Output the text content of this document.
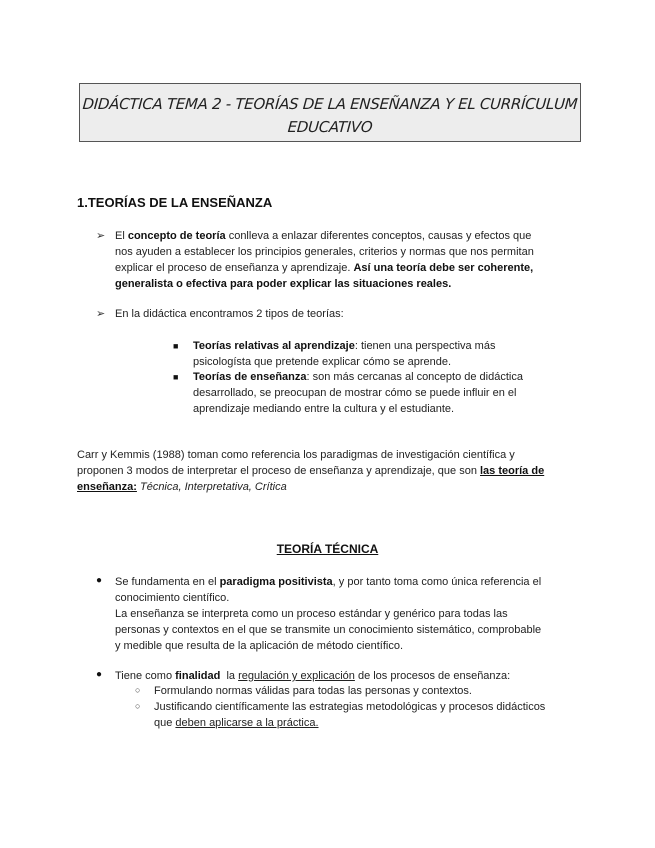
DIDÁCTICA TEMA 2 - TEORÍAS DE LA ENSEÑANZA Y EL CURRÍCULUM
EDUCATIVO
1.TEORÍAS DE LA ENSEÑANZA
➢ El concepto de teoría conlleva a enlazar diferentes conceptos, causas y efectos que
nos ayuden a establecer los principios generales, criterios y normas que nos permitan
explicar el proceso de enseñanza y aprendizaje. Así una teoría debe ser coherente,
generalista o efectiva para poder explicar las situaciones reales.
➢ En la didáctica encontramos 2 tipos de teorías:
■ Teorías relativas al aprendizaje: tienen una perspectiva más
psicologísta que pretende explicar cómo se aprende.
■ Teorías de enseñanza: son más cercanas al concepto de didáctica
desarrollado, se preocupan de mostrar cómo se puede influir en el
aprendizaje mediando entre la cultura y el estudiante.
Carr y Kemmis (1988) toman como referencia los paradigmas de investigación científica y
proponen 3 modos de interpretar el proceso de enseñanza y aprendizaje, que son las teoría de
enseñanza: Técnica, Interpretativa, Crítica
TEORÍA TÉCNICA
● Se fundamenta en el paradigma positivista, y por tanto toma como única referencia el
conocimiento científico.
La enseñanza se interpreta como un proceso estándar y genérico para todas las
personas y contextos en el que se transmite un conocimiento sistemático, comprobable
y medible que resulta de la aplicación de método científico.
● Tiene como finalidad  la regulación y explicación de los procesos de enseñanza:
○ Formulando normas válidas para todas las personas y contextos.
○ Justificando científicamente las estrategias metodológicas y procesos didácticos
que deben aplicarse a la práctica.
